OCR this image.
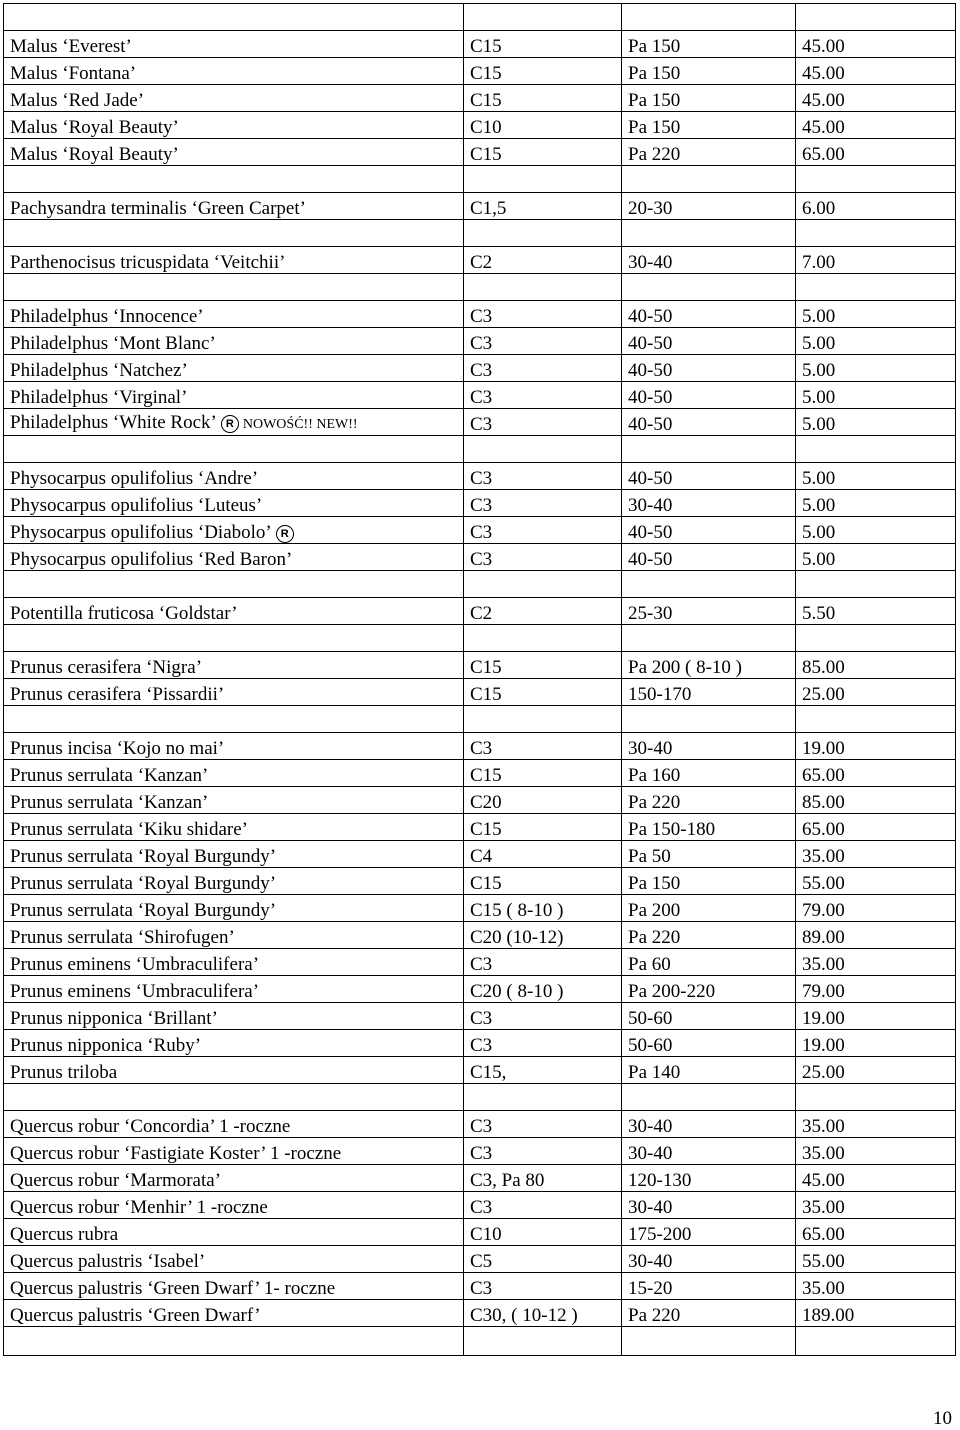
Malus ‘Everest’	C15	Pa 150	45.00
Malus ‘Fontana’	C15	Pa 150	45.00
Malus ‘Red Jade’	C15	Pa 150	45.00
Malus ‘Royal Beauty’	C10	Pa 150	45.00
Malus ‘Royal Beauty’	C15	Pa 220	65.00

Pachysandra terminalis ‘Green Carpet’	C1,5	20-30	6.00

Parthenocisus tricuspidata ‘Veitchii’	C2	30-40	7.00

Philadelphus ‘Innocence’	C3	40-50	5.00
Philadelphus ‘Mont Blanc’	C3	40-50	5.00
Philadelphus ‘Natchez’	C3	40-50	5.00
Philadelphus ‘Virginal’	C3	40-50	5.00
Philadelphus ‘White Rock’ R NOWOŚĆ!! NEW!!	C3	40-50	5.00

Physocarpus opulifolius ‘Andre’	C3	40-50	5.00
Physocarpus opulifolius ‘Luteus’	C3	30-40	5.00
Physocarpus opulifolius ‘Diabolo’ R	C3	40-50	5.00
Physocarpus opulifolius ‘Red Baron’	C3	40-50	5.00

Potentilla fruticosa ‘Goldstar’	C2	25-30	5.50

Prunus cerasifera ‘Nigra’	C15	Pa 200 ( 8-10 )	85.00
Prunus cerasifera ‘Pissardii’	C15	150-170	25.00

Prunus incisa ‘Kojo no mai’	C3	30-40	19.00
Prunus serrulata ‘Kanzan’	C15	Pa 160	65.00
Prunus serrulata ‘Kanzan’	C20	Pa 220	85.00
Prunus serrulata ‘Kiku shidare’	C15	Pa 150-180	65.00
Prunus serrulata ‘Royal Burgundy’	C4	Pa 50	35.00
Prunus serrulata ‘Royal Burgundy’	C15	Pa 150	55.00
Prunus serrulata ‘Royal Burgundy’	C15 ( 8-10 )	Pa 200	79.00
Prunus serrulata ‘Shirofugen’	C20 (10-12)	Pa 220	89.00
Prunus eminens ‘Umbraculifera’	C3	Pa 60	35.00
Prunus eminens ‘Umbraculifera’	C20 ( 8-10 )	Pa 200-220	79.00
Prunus nipponica ‘Brillant’	C3	50-60	19.00
Prunus nipponica ‘Ruby’	C3	50-60	19.00
Prunus triloba	C15,	Pa 140	25.00

Quercus robur ‘Concordia’ 1 -roczne	C3	30-40	35.00
Quercus robur ‘Fastigiate Koster’ 1 -roczne	C3	30-40	35.00
Quercus robur ‘Marmorata’	C3, Pa 80	120-130	45.00
Quercus robur ‘Menhir’ 1 -roczne	C3	30-40	35.00
Quercus rubra	C10	175-200	65.00
Quercus palustris ‘Isabel’	C5	30-40	55.00
Quercus palustris ‘Green Dwarf’ 1- roczne	C3	15-20	35.00
Quercus palustris ‘Green Dwarf’	C30, ( 10-12 )	Pa 220	189.00

10
